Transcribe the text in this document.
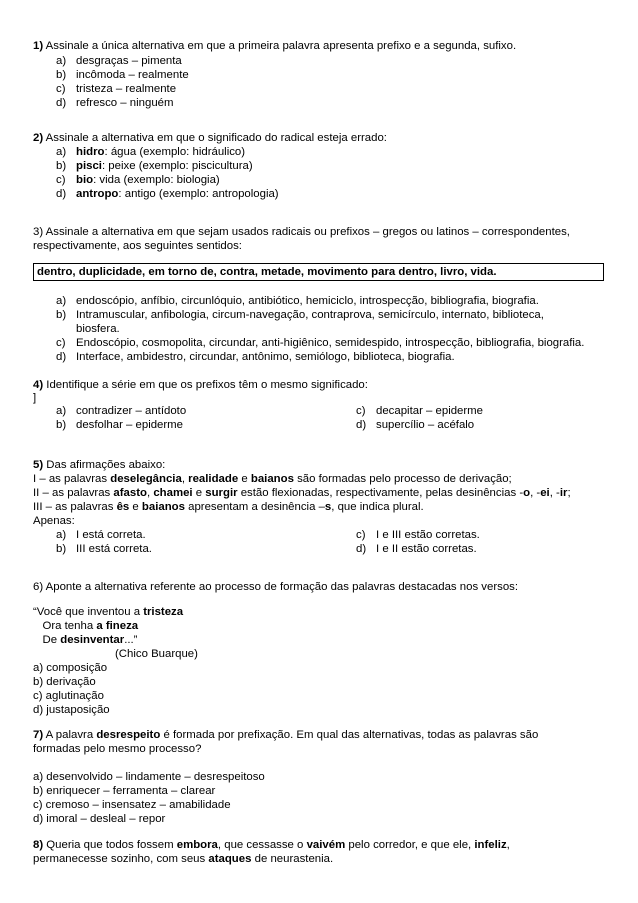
1) Assinale a única alternativa em que a primeira palavra apresenta prefixo e a segunda, sufixo.
a) desgraças – pimenta
b) incômoda – realmente
c) tristeza – realmente
d) refresco – ninguém
2) Assinale a alternativa em que o significado do radical esteja errado:
a) hidro: água (exemplo: hidráulico)
b) pisci: peixe (exemplo: piscicultura)
c) bio: vida (exemplo: biologia)
d) antropo: antigo (exemplo: antropologia)
3) Assinale a alternativa em que sejam usados radicais ou prefixos – gregos ou latinos – correspondentes,
respectivamente, aos seguintes sentidos:
dentro, duplicidade, em torno de, contra, metade, movimento para dentro, livro, vida.
a) endoscópio, anfíbio, circunlóquio, antibiótico, hemiciclo, introspecção, bibliografia, biografia.
b) Intramuscular, anfibologia, circum-navegação, contraprova, semicírculo, internato, biblioteca,
biosfera.
c) Endoscópio, cosmopolita, circundar, anti-higiênico, semidespido, introspecção, bibliografia, biografia.
d) Interface, ambidestro, circundar, antônimo, semiólogo, biblioteca, biografia.
4) Identifique a série em que os prefixos têm o mesmo significado:
]
a) contradizer – antídoto	c) decapitar – epiderme
b) desfolhar – epiderme	d) supercílio – acéfalo
5) Das afirmações abaixo:
I – as palavras deselegância, realidade e baianos são formadas pelo processo de derivação;
II – as palavras afasto, chamei e surgir estão flexionadas, respectivamente, pelas desinências -o, -ei, -ir;
III – as palavras ês e baianos apresentam a desinência –s, que indica plural.
Apenas:
a) I está correta.	c) I e III estão corretas.
b) III está correta.	d) I e II estão corretas.
6) Aponte a alternativa referente ao processo de formação das palavras destacadas nos versos:
“Você que inventou a tristeza
Ora tenha a fineza
De desinventar...”
(Chico Buarque)
a) composição
b) derivação
c) aglutinação
d) justaposição
7) A palavra desrespeito é formada por prefixação. Em qual das alternativas, todas as palavras são
formadas pelo mesmo processo?
a) desenvolvido – lindamente – desrespeitoso
b) enriquecer – ferramenta – clarear
c) cremoso – insensatez – amabilidade
d) imoral – desleal – repor
8) Queria que todos fossem embora, que cessasse o vaivém pelo corredor, e que ele, infeliz,
permanecesse sozinho, com seus ataques de neurastenia.
